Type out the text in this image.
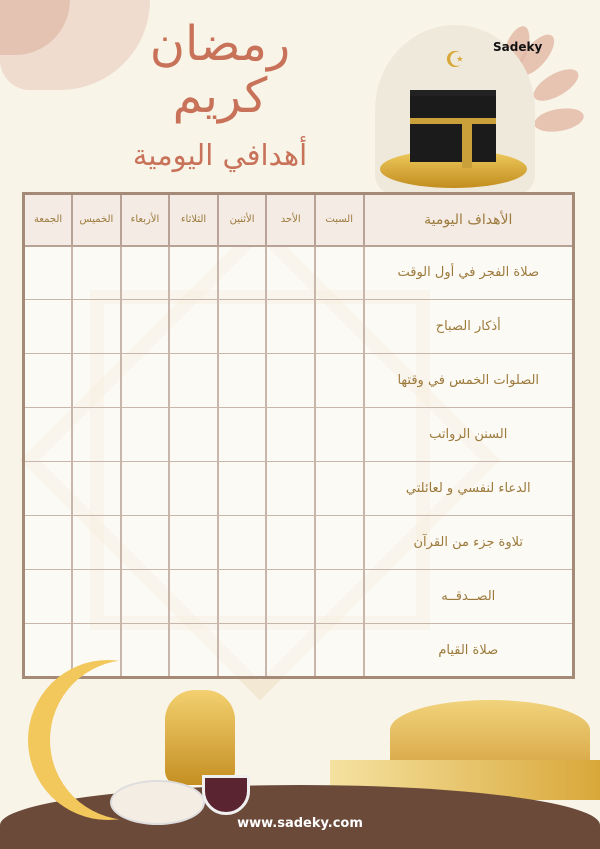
رمضان كريم
أهدافي اليومية
☪
Sadeky
الأهداف اليومية	السبت	الأحد	الأثنين	الثلاثاء	الأربعاء	الخميس	الجمعة
صلاة الفجر في أول الوقت							
أذكار الصباح							
الصلوات الخمس في وقتها							
السنن الرواتب							
الدعاء لنفسي و لعائلتي							
تلاوة جزء من القرآن							
الصــدقــه							
صلاة القيام							
www.sadeky.com
